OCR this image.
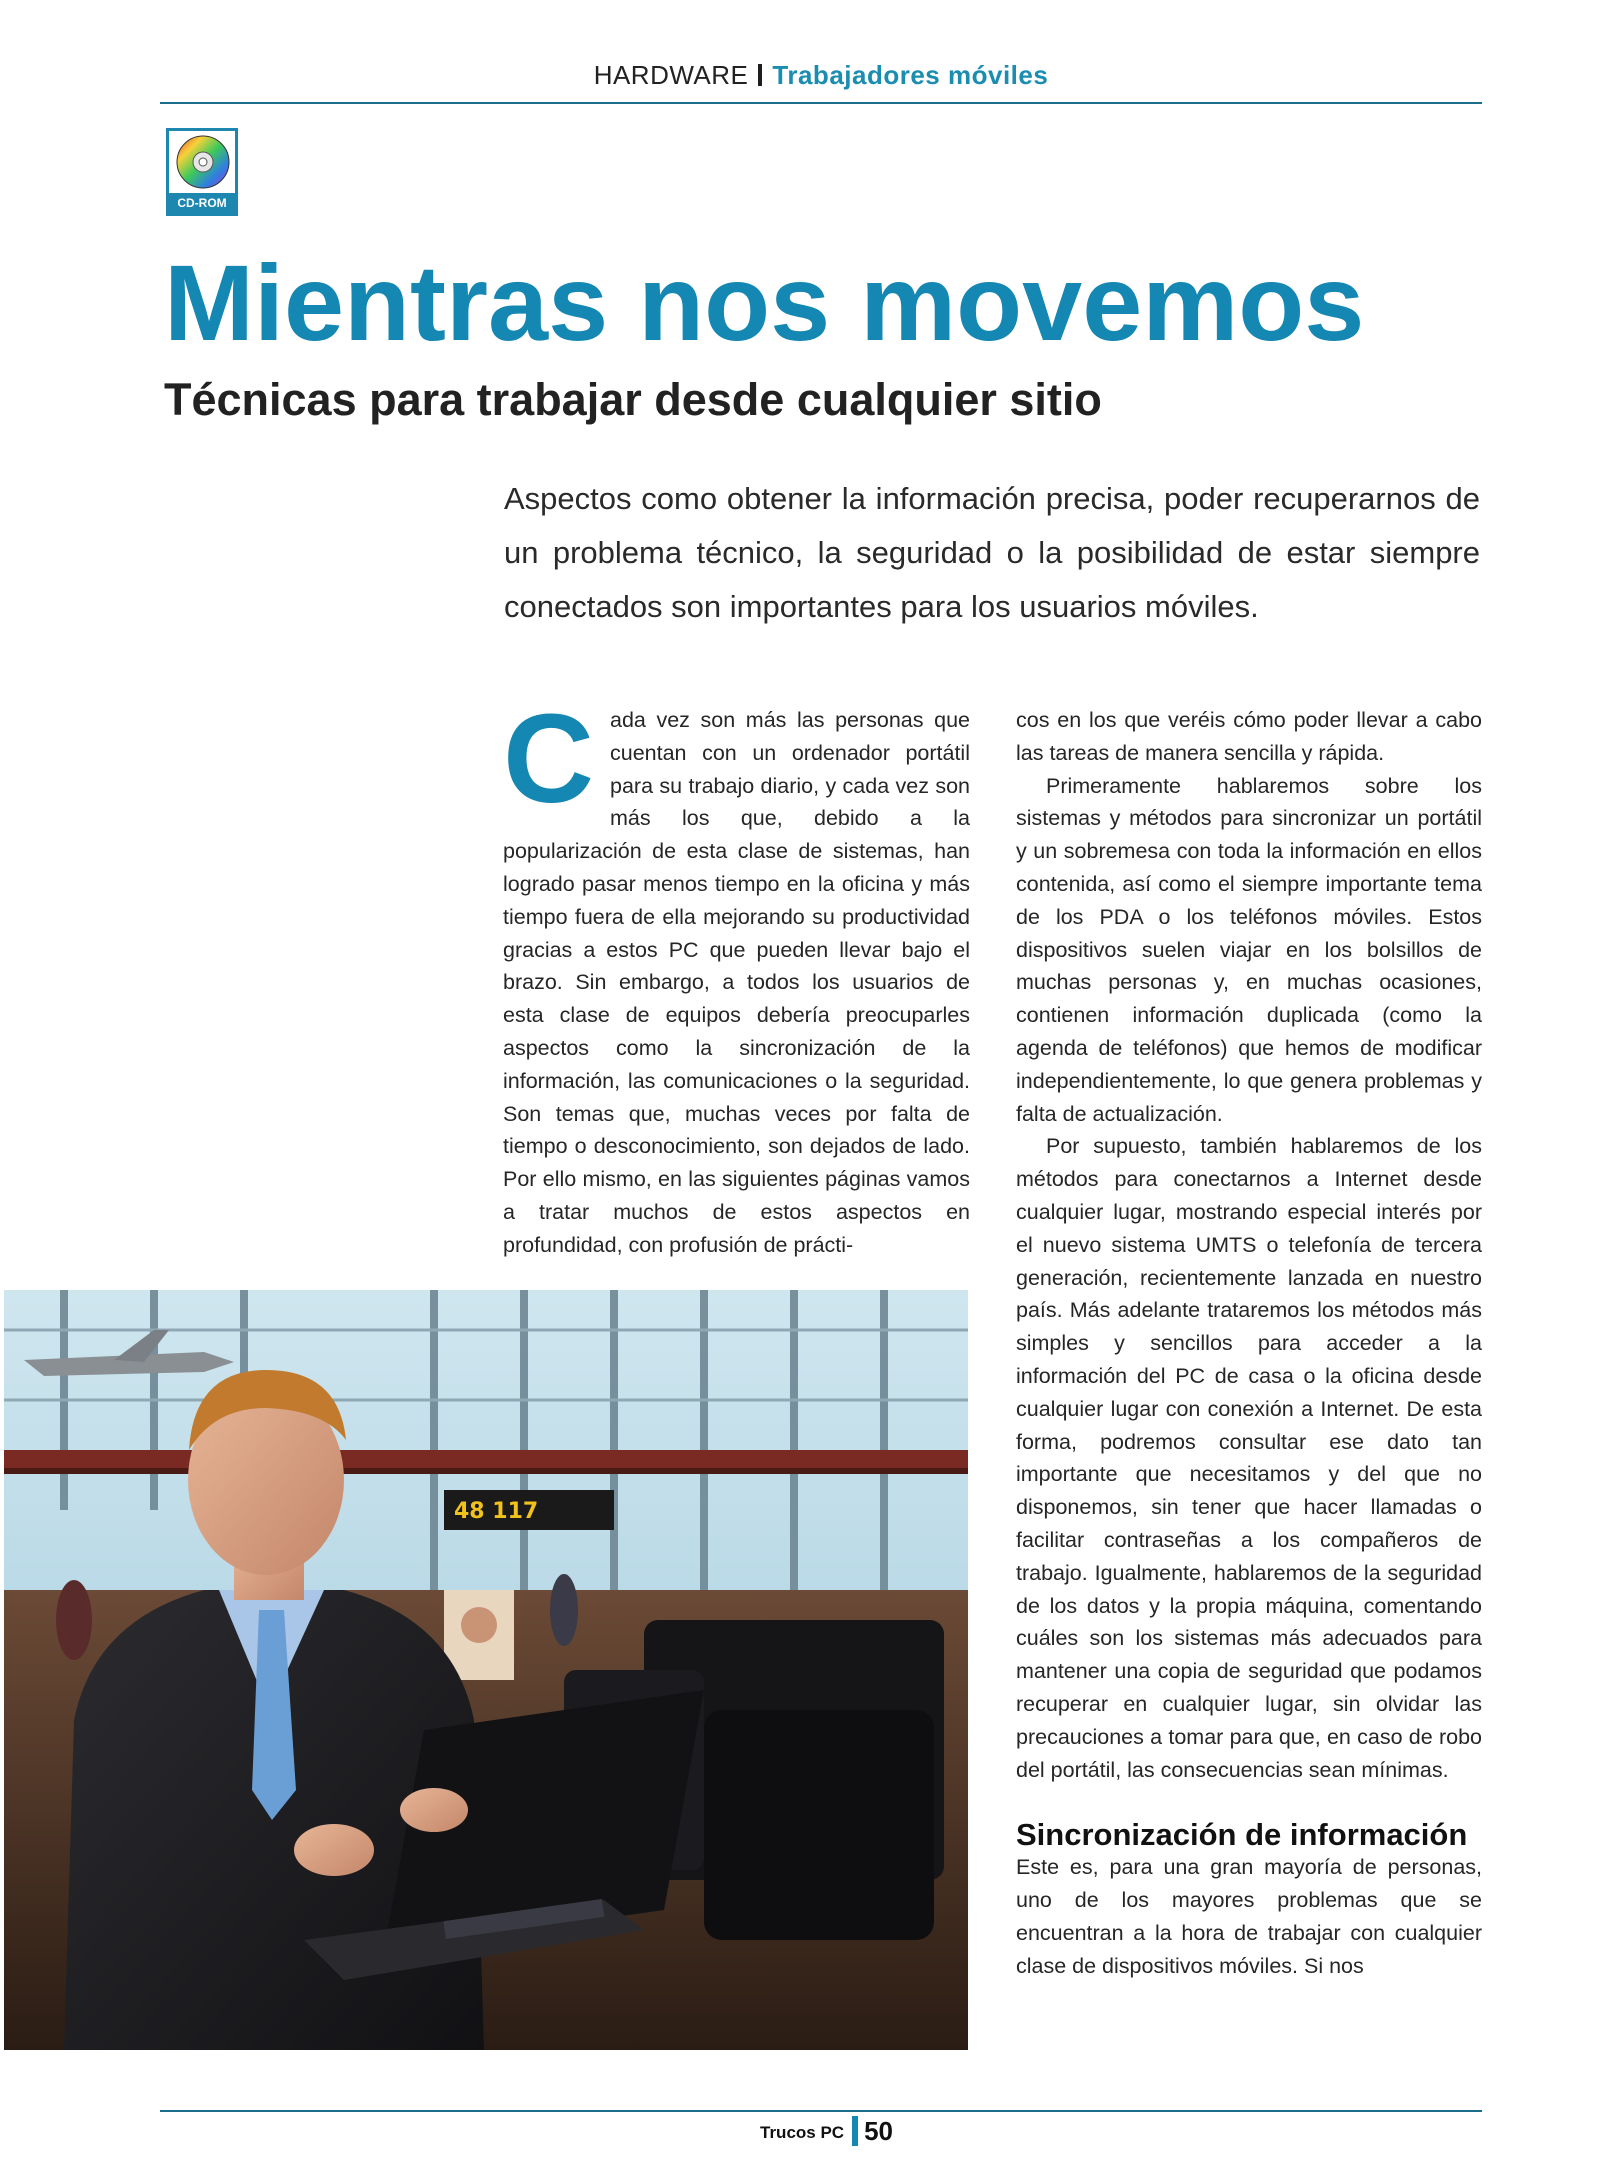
HARDWARE Trabajadores móviles
CD-ROM
Mientras nos movemos
Técnicas para trabajar desde cualquier sitio

Aspectos como obtener la información precisa, poder recuperarnos de un problema técnico, la seguridad o la posibilidad de estar siempre conectados son importantes para los usuarios móviles.

Cada vez son más las personas que cuentan con un ordenador portátil para su trabajo diario, y cada vez son más los que, debido a la popularización de esta clase de sistemas, han logrado pasar menos tiempo en la oficina y más tiempo fuera de ella mejorando su productividad gracias a estos PC que pueden llevar bajo el brazo. Sin embargo, a todos los usuarios de esta clase de equipos debería preocuparles aspectos como la sincronización de la información, las comunicaciones o la seguridad. Son temas que, muchas veces por falta de tiempo o desconocimiento, son dejados de lado. Por ello mismo, en las siguientes páginas vamos a tratar muchos de estos aspectos en profundidad, con profusión de prácti-

cos en los que veréis cómo poder llevar a cabo las tareas de manera sencilla y rápida.

Primeramente hablaremos sobre los sistemas y métodos para sincronizar un portátil y un sobremesa con toda la información en ellos contenida, así como el siempre importante tema de los PDA o los teléfonos móviles. Estos dispositivos suelen viajar en los bolsillos de muchas personas y, en muchas ocasiones, contienen información duplicada (como la agenda de teléfonos) que hemos de modificar independientemente, lo que genera problemas y falta de actualización.

Por supuesto, también hablaremos de los métodos para conectarnos a Internet desde cualquier lugar, mostrando especial interés por el nuevo sistema UMTS o telefonía de tercera generación, recientemente lanzada en nuestro país. Más adelante trataremos los métodos más simples y sencillos para acceder a la información del PC de casa o la oficina desde cualquier lugar con conexión a Internet. De esta forma, podremos consultar ese dato tan importante que necesitamos y del que no disponemos, sin tener que hacer llamadas o facilitar contraseñas a los compañeros de trabajo. Igualmente, hablaremos de la seguridad de los datos y la propia máquina, comentando cuáles son los sistemas más adecuados para mantener una copia de seguridad que podamos recuperar en cualquier lugar, sin olvidar las precauciones a tomar para que, en caso de robo del portátil, las consecuencias sean mínimas.

Sincronización de información

Este es, para una gran mayoría de personas, uno de los mayores problemas que se encuentran a la hora de trabajar con cualquier clase de dispositivos móviles. Si nos

48 117
Trucos PC 50
